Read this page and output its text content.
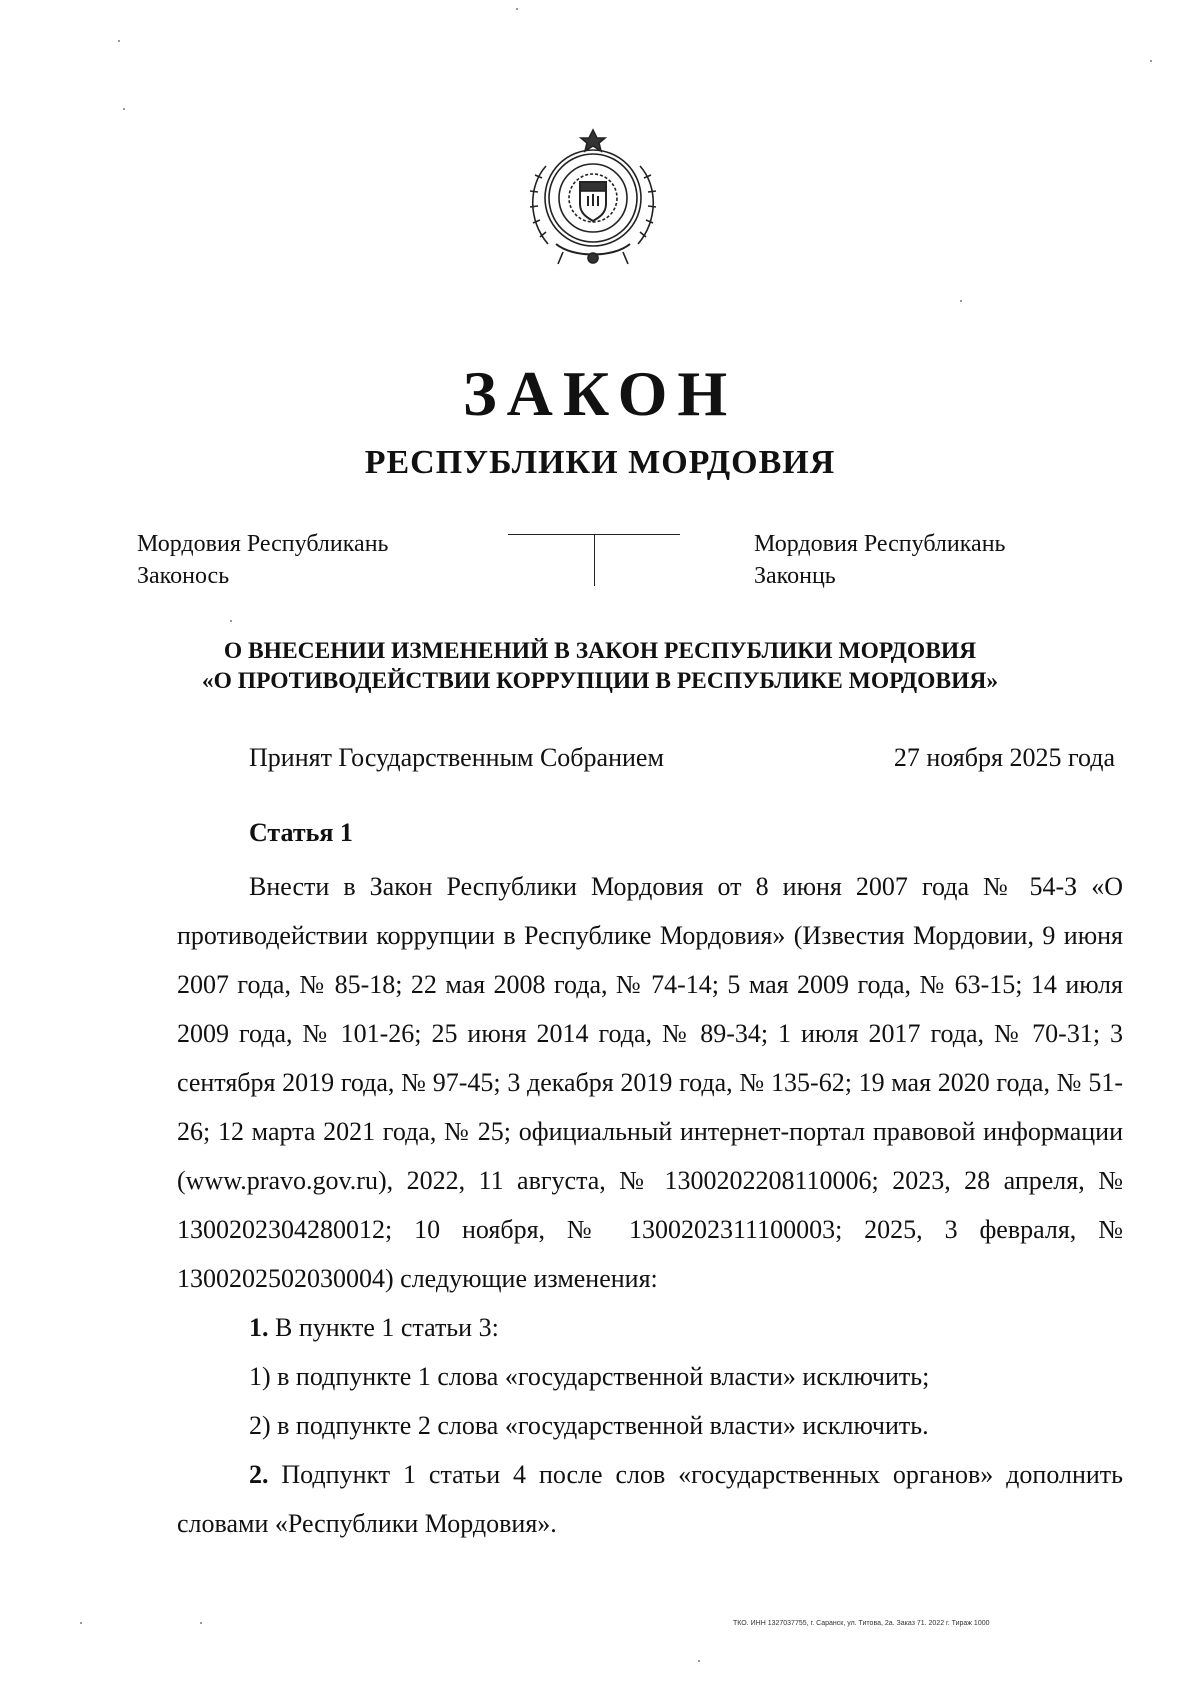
ЗАКОН
РЕСПУБЛИКИ МОРДОВИЯ
Мордовия Республикань
Законось
Мордовия Республикань
Законць
О ВНЕСЕНИИ ИЗМЕНЕНИЙ В ЗАКОН РЕСПУБЛИКИ МОРДОВИЯ
«О ПРОТИВОДЕЙСТВИИ КОРРУПЦИИ В РЕСПУБЛИКЕ МОРДОВИЯ»
Принят Государственным Собранием	27 ноября 2025 года
Статья 1

Внести в Закон Республики Мордовия от 8 июня 2007 года № 54-З «О противодействии коррупции в Республике Мордовия» (Известия Мордовии, 9 июня 2007 года, № 85-18; 22 мая 2008 года, № 74-14; 5 мая 2009 года, № 63-15; 14 июля 2009 года, № 101-26; 25 июня 2014 года, № 89-34; 1 июля 2017 года, № 70-31; 3 сентября 2019 года, № 97-45; 3 декабря 2019 года, № 135-62; 19 мая 2020 года, № 51-26; 12 марта 2021 года, № 25; официальный интернет-портал правовой информации (www.pravo.gov.ru), 2022, 11 августа, № 1300202208110006; 2023, 28 апреля, № 1300202304280012; 10 ноября, № 1300202311100003; 2025, 3 февраля, № 1300202502030004) следующие изменения:

1. В пункте 1 статьи 3:

1) в подпункте 1 слова «государственной власти» исключить;

2) в подпункте 2 слова «государственной власти» исключить.

2. Подпункт 1 статьи 4 после слов «государственных органов» дополнить словами «Республики Мордовия».

ТКО. ИНН 1327037755, г. Саранск, ул. Титова, 2а. Заказ 71. 2022 г. Тираж 1000
